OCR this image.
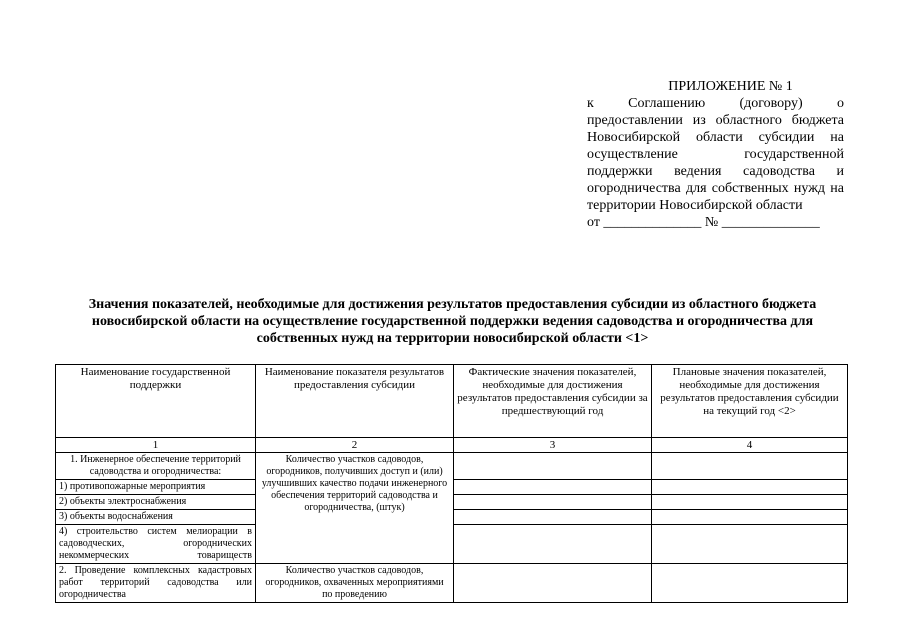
ПРИЛОЖЕНИЕ № 1
к Соглашению (договору) о предоставлении из областного бюджета Новосибирской области субсидии на осуществление государственной поддержки ведения садоводства и огородничества для собственных нужд на территории Новосибирской области
от ______________ № ______________
Значения показателей, необходимые для достижения результатов предоставления субсидии из областного бюджета новосибирской области на осуществление государственной поддержки ведения садоводства и огородничества для собственных нужд на территории новосибирской области <1>
Наименование государственной поддержки	Наименование показателя результатов предоставления субсидии	Фактические значения показателей, необходимые для достижения результатов предоставления субсидии за предшествующий год	Плановые значения показателей, необходимые для достижения результатов предоставления субсидии на текущий год <2>
1	2	3	4
1. Инженерное обеспечение территорий садоводства и огородничества:	Количество участков садоводов, огородников, получивших доступ и (или) улучшивших качество подачи инженерного обеспечения территорий садоводства и огородничества, (штук)		
1) противопожарные мероприятия			
2) объекты электроснабжения			
3) объекты водоснабжения			
4) строительство систем мелиорации в садоводческих, огороднических некоммерческих товариществ			
2. Проведение комплексных кадастровых работ территорий садоводства или огородничества	Количество участков садоводов, огородников, охваченных мероприятиями по проведению		
